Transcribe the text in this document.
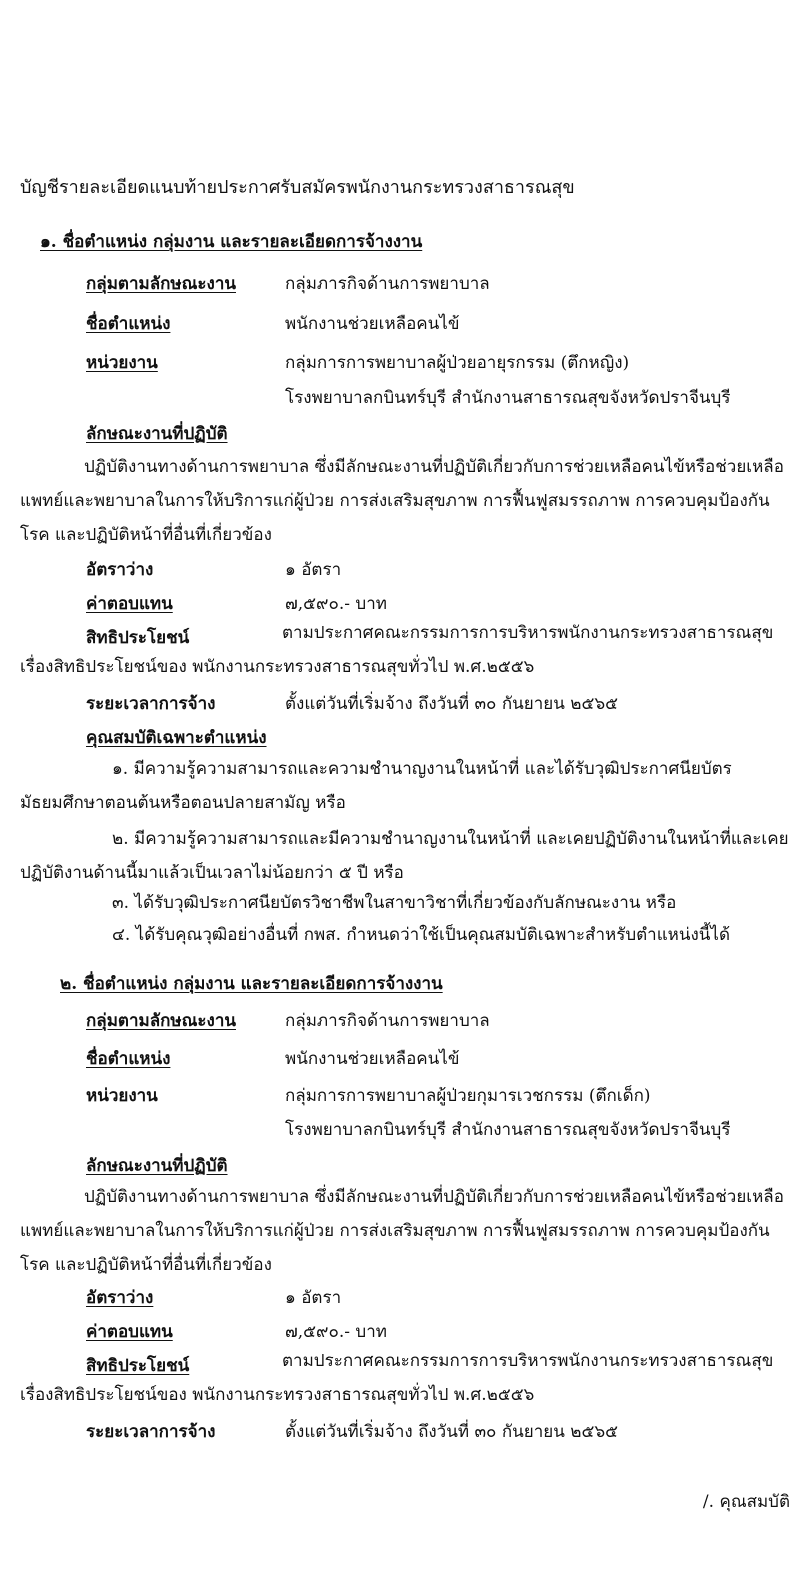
บัญชีรายละเอียดแนบท้ายประกาศรับสมัครพนักงานกระทรวงสาธารณสุข
๑. ชื่อตำแหน่ง กลุ่มงาน และรายละเอียดการจ้างงาน
กลุ่มตามลักษณะงาน	กลุ่มภารกิจด้านการพยาบาล
ชื่อตำแหน่ง	พนักงานช่วยเหลือคนไข้
หน่วยงาน	กลุ่มการการพยาบาลผู้ป่วยอายุรกรรม (ตึกหญิง)
โรงพยาบาลกบินทร์บุรี สำนักงานสาธารณสุขจังหวัดปราจีนบุรี
ลักษณะงานที่ปฏิบัติ
ปฏิบัติงานทางด้านการพยาบาล ซึ่งมีลักษณะงานที่ปฏิบัติเกี่ยวกับการช่วยเหลือคนไข้หรือช่วยเหลือแพทย์และพยาบาลในการให้บริการแก่ผู้ป่วย การส่งเสริมสุขภาพ การฟื้นฟูสมรรถภาพ การควบคุมป้องกันโรค และปฏิบัติหน้าที่อื่นที่เกี่ยวข้อง
อัตราว่าง	๑ อัตรา
ค่าตอบแทน	๗,๕๙๐.- บาท
สิทธิประโยชน์	ตามประกาศคณะกรรมการการบริหารพนักงานกระทรวงสาธารณสุข เรื่องสิทธิประโยชน์ของ พนักงานกระทรวงสาธารณสุขทั่วไป พ.ศ.๒๕๕๖
ระยะเวลาการจ้าง	ตั้งแต่วันที่เริ่มจ้าง ถึงวันที่ ๓๐ กันยายน ๒๕๖๕
คุณสมบัติเฉพาะตำแหน่ง
๑. มีความรู้ความสามารถและความชำนาญงานในหน้าที่ และได้รับวุฒิประกาศนียบัตรมัธยมศึกษาตอนต้นหรือตอนปลายสามัญ หรือ
๒. มีความรู้ความสามารถและมีความชำนาญงานในหน้าที่ และเคยปฏิบัติงานในหน้าที่และเคยปฏิบัติงานด้านนี้มาแล้วเป็นเวลาไม่น้อยกว่า ๕ ปี หรือ
๓. ได้รับวุฒิประกาศนียบัตรวิชาชีพในสาขาวิชาที่เกี่ยวข้องกับลักษณะงาน หรือ
๔. ได้รับคุณวุฒิอย่างอื่นที่ กพส. กำหนดว่าใช้เป็นคุณสมบัติเฉพาะสำหรับตำแหน่งนี้ได้
๒. ชื่อตำแหน่ง กลุ่มงาน และรายละเอียดการจ้างงาน
กลุ่มตามลักษณะงาน	กลุ่มภารกิจด้านการพยาบาล
ชื่อตำแหน่ง	พนักงานช่วยเหลือคนไข้
หน่วยงาน	กลุ่มการการพยาบาลผู้ป่วยกุมารเวชกรรม (ตึกเด็ก)
โรงพยาบาลกบินทร์บุรี สำนักงานสาธารณสุขจังหวัดปราจีนบุรี
ลักษณะงานที่ปฏิบัติ
ปฏิบัติงานทางด้านการพยาบาล ซึ่งมีลักษณะงานที่ปฏิบัติเกี่ยวกับการช่วยเหลือคนไข้หรือช่วยเหลือแพทย์และพยาบาลในการให้บริการแก่ผู้ป่วย การส่งเสริมสุขภาพ การฟื้นฟูสมรรถภาพ การควบคุมป้องกันโรค และปฏิบัติหน้าที่อื่นที่เกี่ยวข้อง
อัตราว่าง	๑ อัตรา
ค่าตอบแทน	๗,๕๙๐.- บาท
สิทธิประโยชน์	ตามประกาศคณะกรรมการการบริหารพนักงานกระทรวงสาธารณสุข เรื่องสิทธิประโยชน์ของ พนักงานกระทรวงสาธารณสุขทั่วไป พ.ศ.๒๕๕๖
ระยะเวลาการจ้าง	ตั้งแต่วันที่เริ่มจ้าง ถึงวันที่ ๓๐ กันยายน ๒๕๖๕
/. คุณสมบัติ
